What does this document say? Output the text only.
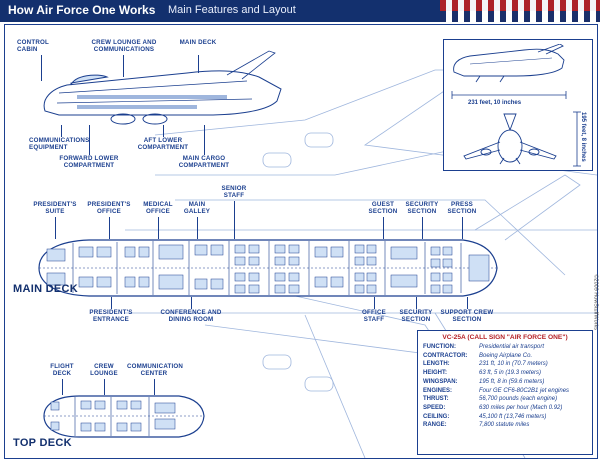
How Air Force One Works Main Features and Layout
CONTROL CABIN
CREW LOUNGE AND COMMUNICATIONS
MAIN DECK
COMMUNICATIONS EQUIPMENT
FORWARD LOWER COMPARTMENT
AFT LOWER COMPARTMENT
MAIN CARGO COMPARTMENT
PRESIDENT'S SUITE
PRESIDENT'S OFFICE
MEDICAL OFFICE
MAIN GALLEY
SENIOR STAFF
GUEST SECTION
SECURITY SECTION
PRESS SECTION
PRESIDENT'S ENTRANCE
CONFERENCE AND DINING ROOM
OFFICE STAFF
SECURITY SECTION
SUPPORT CREW SECTION
MAIN DECK
FLIGHT DECK
CREW LOUNGE
COMMUNICATION CENTER
TOP DECK
231 feet, 10 inches
195 feet, 8 inches
VC-25A (CALL SIGN "AIR FORCE ONE")
FUNCTION:	Presidential air transport
CONTRACTOR:	Boeing Airplane Co.
LENGTH:	231 ft, 10 in (70.7 meters)
HEIGHT:	63 ft, 5 in (19.3 meters)
WINGSPAN:	195 ft, 8 in (59.6 meters)
ENGINES:	Four GE CF6-80C2B1 jet engines
THRUST:	56,700 pounds (each engine)
SPEED:	630 miles per hour (Mach 0.92)
CEILING:	45,100 ft (13,746 meters)
RANGE:	7,800 statute miles
©2009 HowStuffWorks
